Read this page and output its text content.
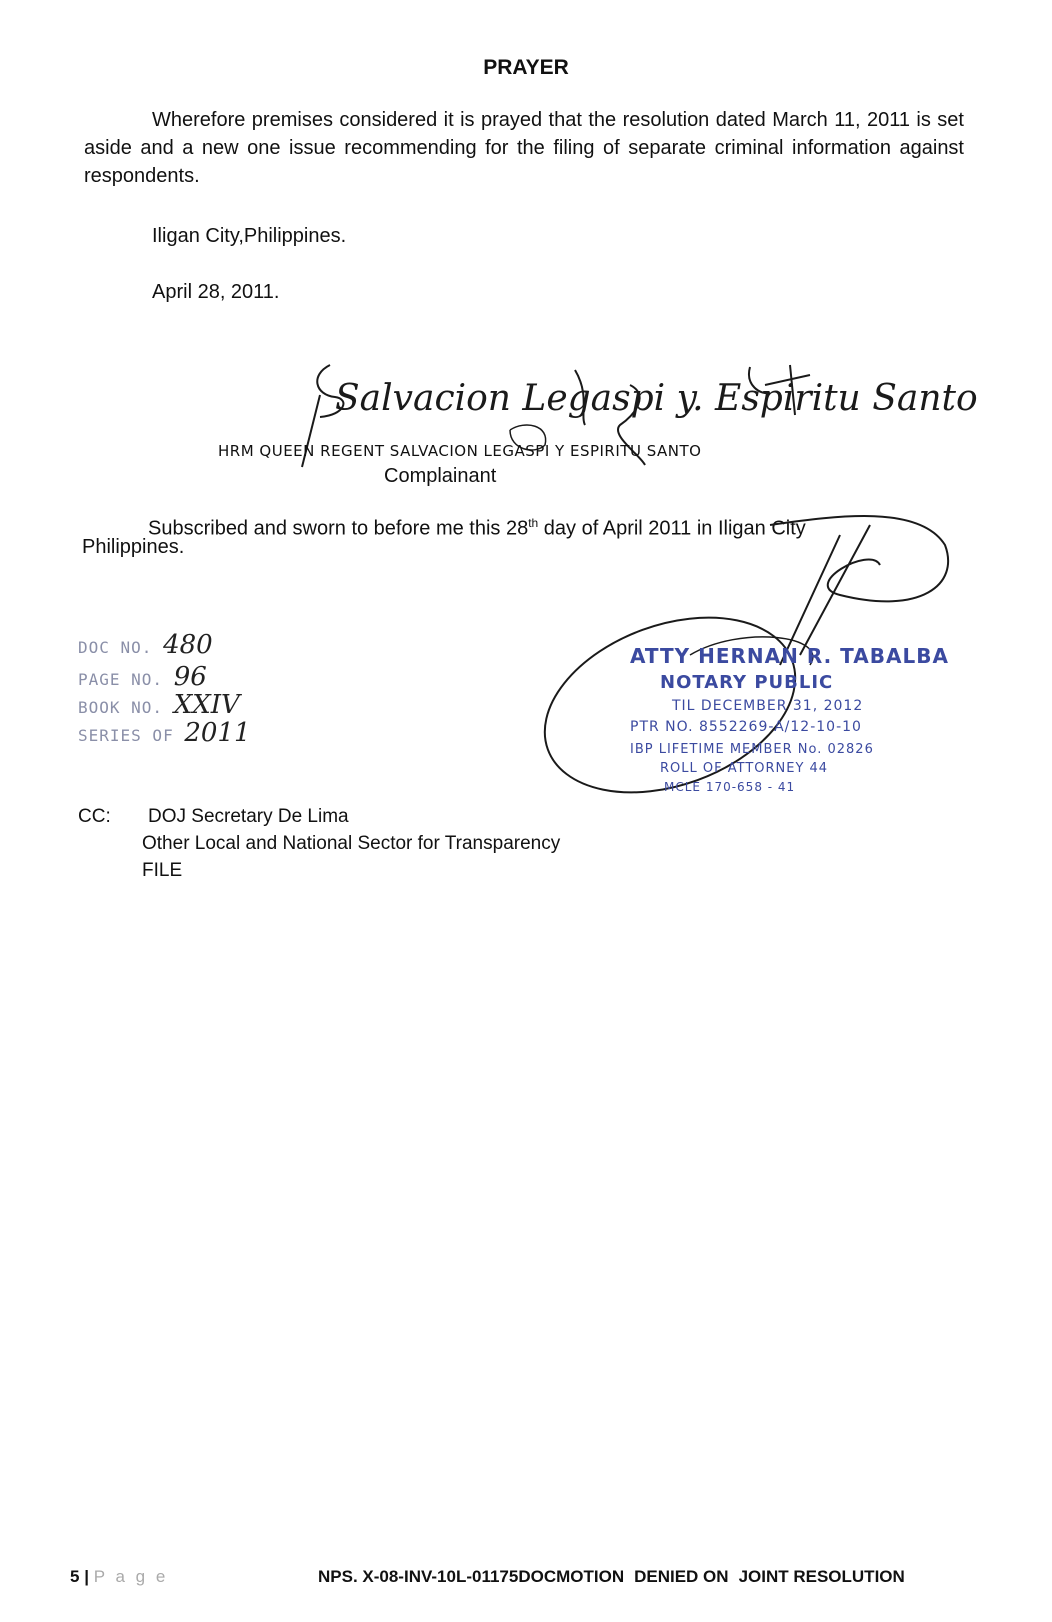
PRAYER
Wherefore premises considered it is prayed that the resolution dated March 11, 2011 is set aside and a new one issue recommending for the filing of separate criminal information against respondents.
Iligan City,Philippines.
April 28, 2011.
Salvacion Legaspi y. Espiritu Santo
HRM QUEEN REGENT SALVACION LEGASPI Y ESPIRITU SANTO
Complainant
Subscribed and sworn to before me this 28th day of April 2011 in Iligan City
Philippines.
DOC NO. 480
PAGE NO. 96
BOOK NO. XXIV
SERIES OF 2011
ATTY HERNAN R. TABALBA
NOTARY PUBLIC
TIL DECEMBER 31, 2012
PTR NO. 8552269-A/12-10-10
IBP LIFETIME MEMBER No. 02826
ROLL OF ATTORNEY 44
MCLE 170-658 - 41
CC: DOJ Secretary De Lima
Other Local and National Sector for Transparency
FILE
5 | P a g e	NPS. X-08-INV-10L-01175DOCMOTION DENIED ON JOINT RESOLUTION
